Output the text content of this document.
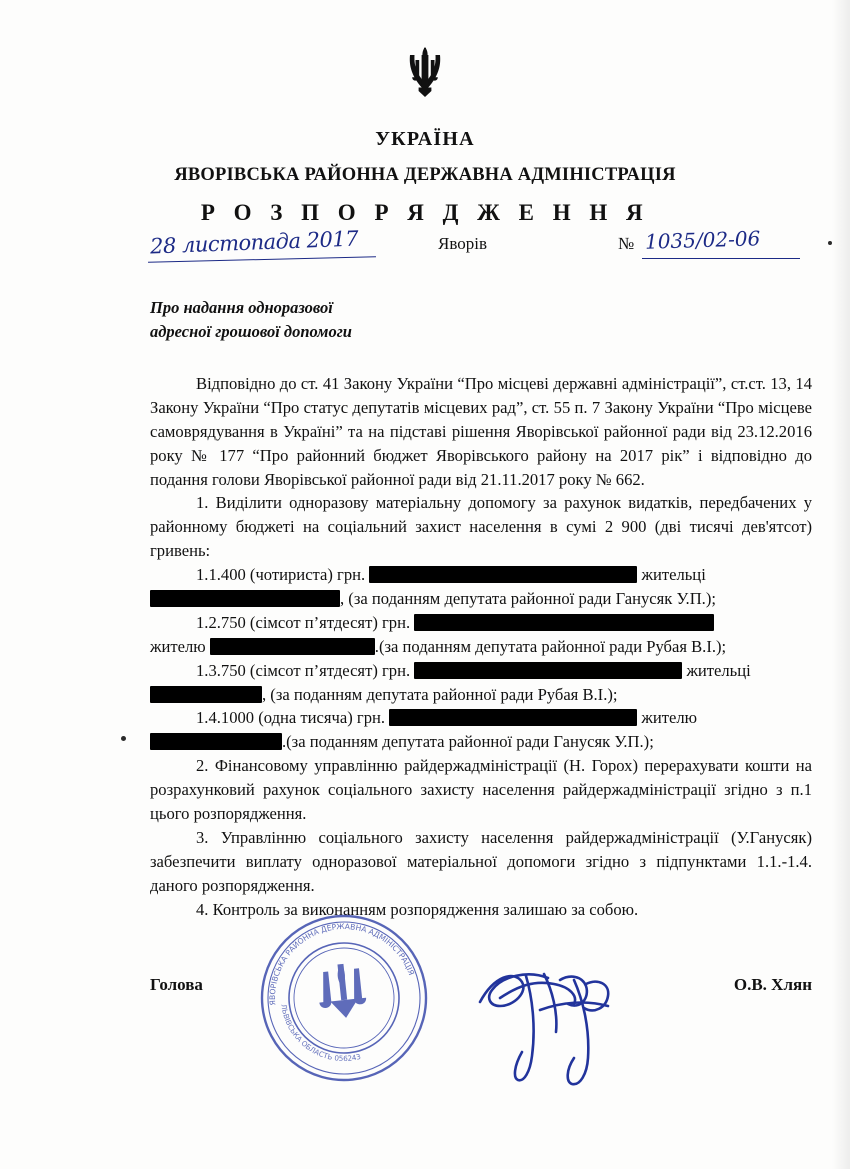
УКРАЇНА
ЯВОРІВСЬКА РАЙОННА ДЕРЖАВНА АДМІНІСТРАЦІЯ
Р О З П О Р Я Д Ж Е Н Н Я
28 листопада 2017	Яворів	№ 1035/02-06
Про надання одноразової
адресної грошової допомоги

Відповідно до ст. 41 Закону України “Про місцеві державні адміністрації”, ст.ст. 13, 14 Закону України “Про статус депутатів місцевих рад”, ст. 55 п. 7 Закону України “Про місцеве самоврядування в Україні” та на підставі рішення Яворівської районної ради від 23.12.2016 року № 177 “Про районний бюджет Яворівського району на 2017 рік” і відповідно до подання голови Яворівської районної ради від 21.11.2017 року № 662.

1. Виділити одноразову матеріальну допомогу за рахунок видатків, передбачених у районному бюджеті на соціальний захист населення в сумі 2 900 (дві тисячі дев'ятсот) гривень:

1.1.400 (чотириста) грн.	жительці
, (за поданням депутата районної ради Ганусяк У.П.);

1.2.750 (сімсот п’ятдесят) грн.
жителю	.(за поданням депутата районної ради Рубая В.І.);

1.3.750 (сімсот п’ятдесят) грн.	жительці
, (за поданням депутата районної ради Рубая В.І.);

1.4.1000 (одна тисяча) грн.	жителю
.(за поданням депутата районної ради Ганусяк У.П.);

2. Фінансовому управлінню райдержадміністрації (Н. Горох) перерахувати кошти на розрахунковий рахунок соціального захисту населення райдержадміністрації згідно з п.1 цього розпорядження.

3. Управлінню соціального захисту населення райдержадміністрації (У.Ганусяк) забезпечити виплату одноразової матеріальної допомоги згідно з підпунктами 1.1.-1.4. даного розпорядження.

4. Контроль за виконанням розпорядження залишаю за собою.

ЯВОРІВСЬКА РАЙОННА ДЕРЖАВНА АДМІНІСТРАЦІЯ
ЛЬВІВСЬКА ОБЛАСТЬ 056243
Голова	О.В. Хлян
